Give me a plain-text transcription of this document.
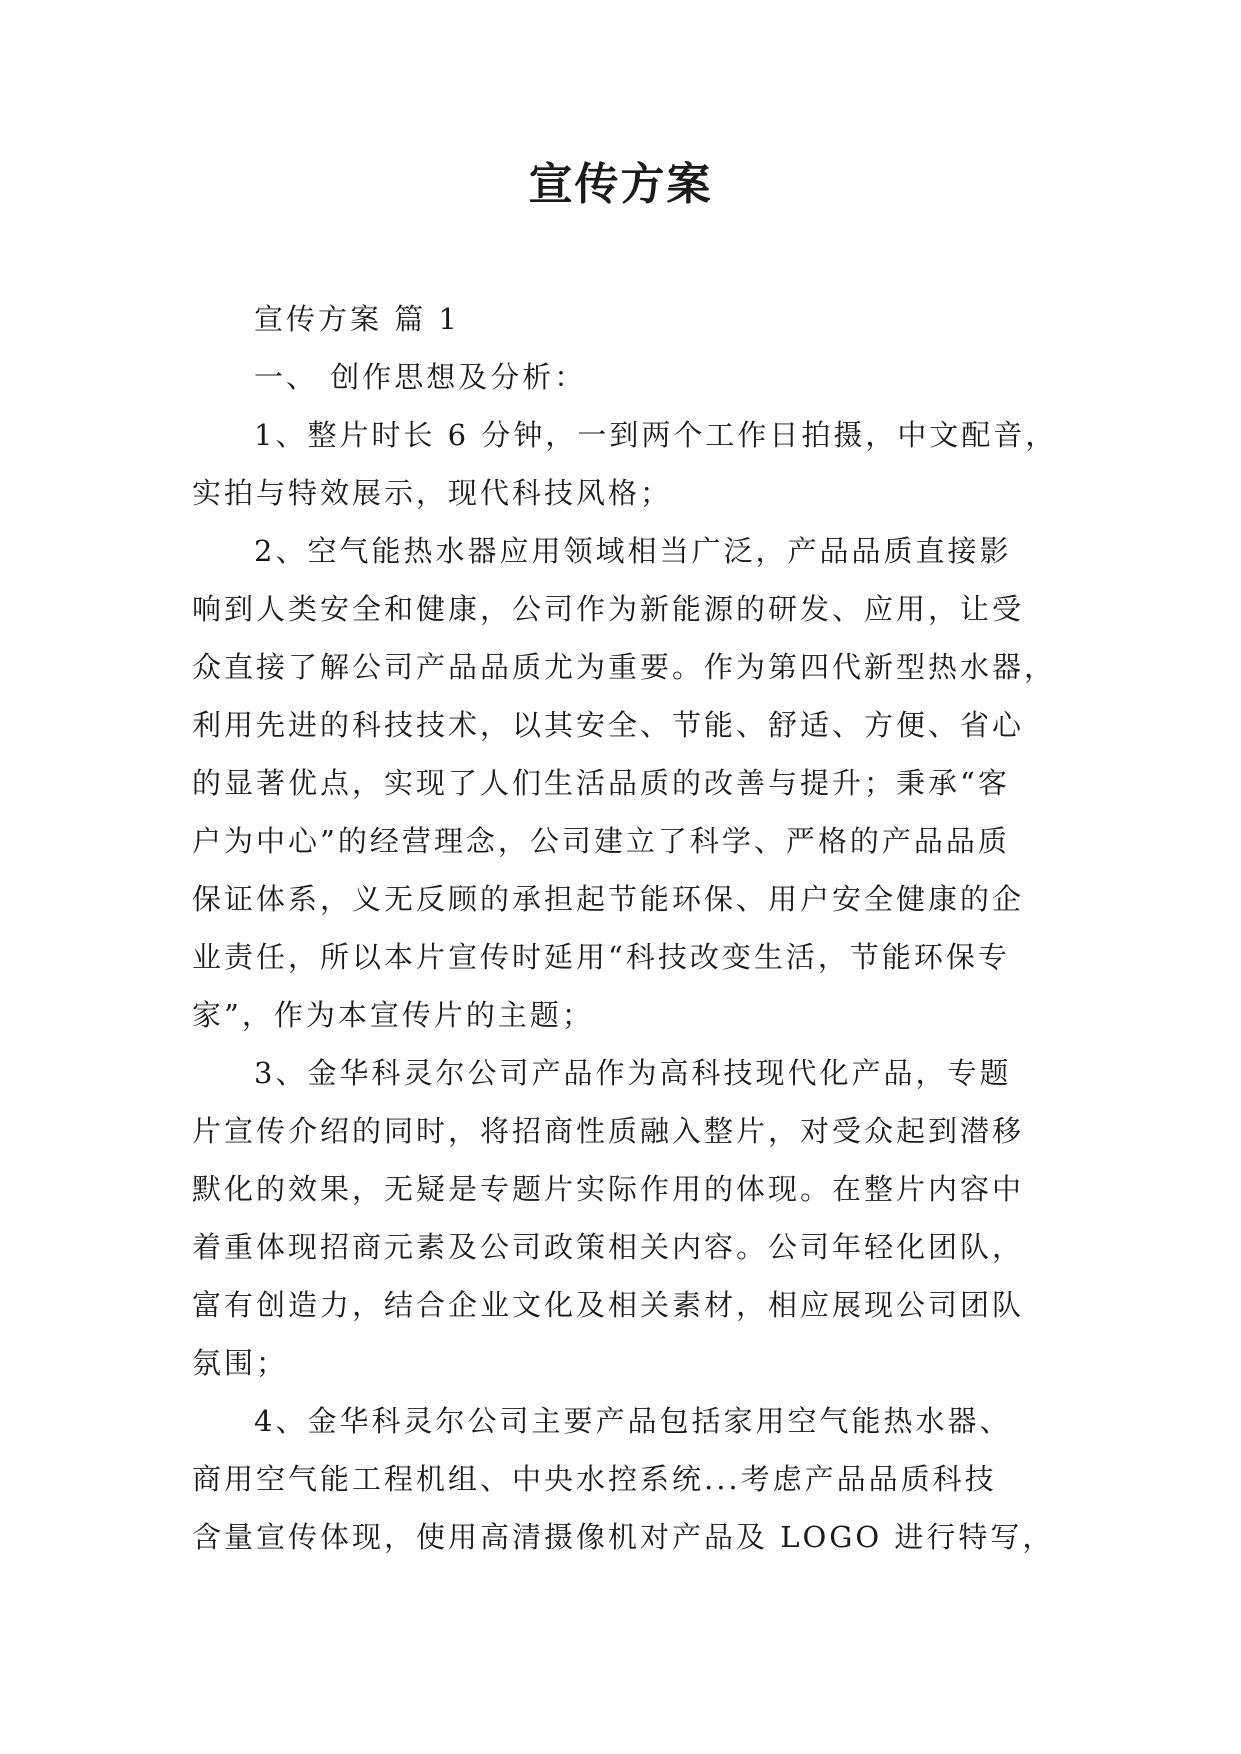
宣传方案
宣传方案 篇 1
一、 创作思想及分析：
1、整片时长 6 分钟，一到两个工作日拍摄，中文配音，
实拍与特效展示，现代科技风格；
2、空气能热水器应用领域相当广泛，产品品质直接影
响到人类安全和健康，公司作为新能源的研发、应用，让受
众直接了解公司产品品质尤为重要。作为第四代新型热水器，
利用先进的科技技术，以其安全、节能、舒适、方便、省心
的显著优点，实现了人们生活品质的改善与提升；秉承“客
户为中心”的经营理念，公司建立了科学、严格的产品品质
保证体系，义无反顾的承担起节能环保、用户安全健康的企
业责任，所以本片宣传时延用“科技改变生活，节能环保专
家”，作为本宣传片的主题；
3、金华科灵尔公司产品作为高科技现代化产品，专题
片宣传介绍的同时，将招商性质融入整片，对受众起到潜移
默化的效果，无疑是专题片实际作用的体现。在整片内容中
着重体现招商元素及公司政策相关内容。公司年轻化团队，
富有创造力，结合企业文化及相关素材，相应展现公司团队
氛围；
4、金华科灵尔公司主要产品包括家用空气能热水器、
商用空气能工程机组、中央水控系统...考虑产品品质科技
含量宣传体现，使用高清摄像机对产品及 LOGO 进行特写，
